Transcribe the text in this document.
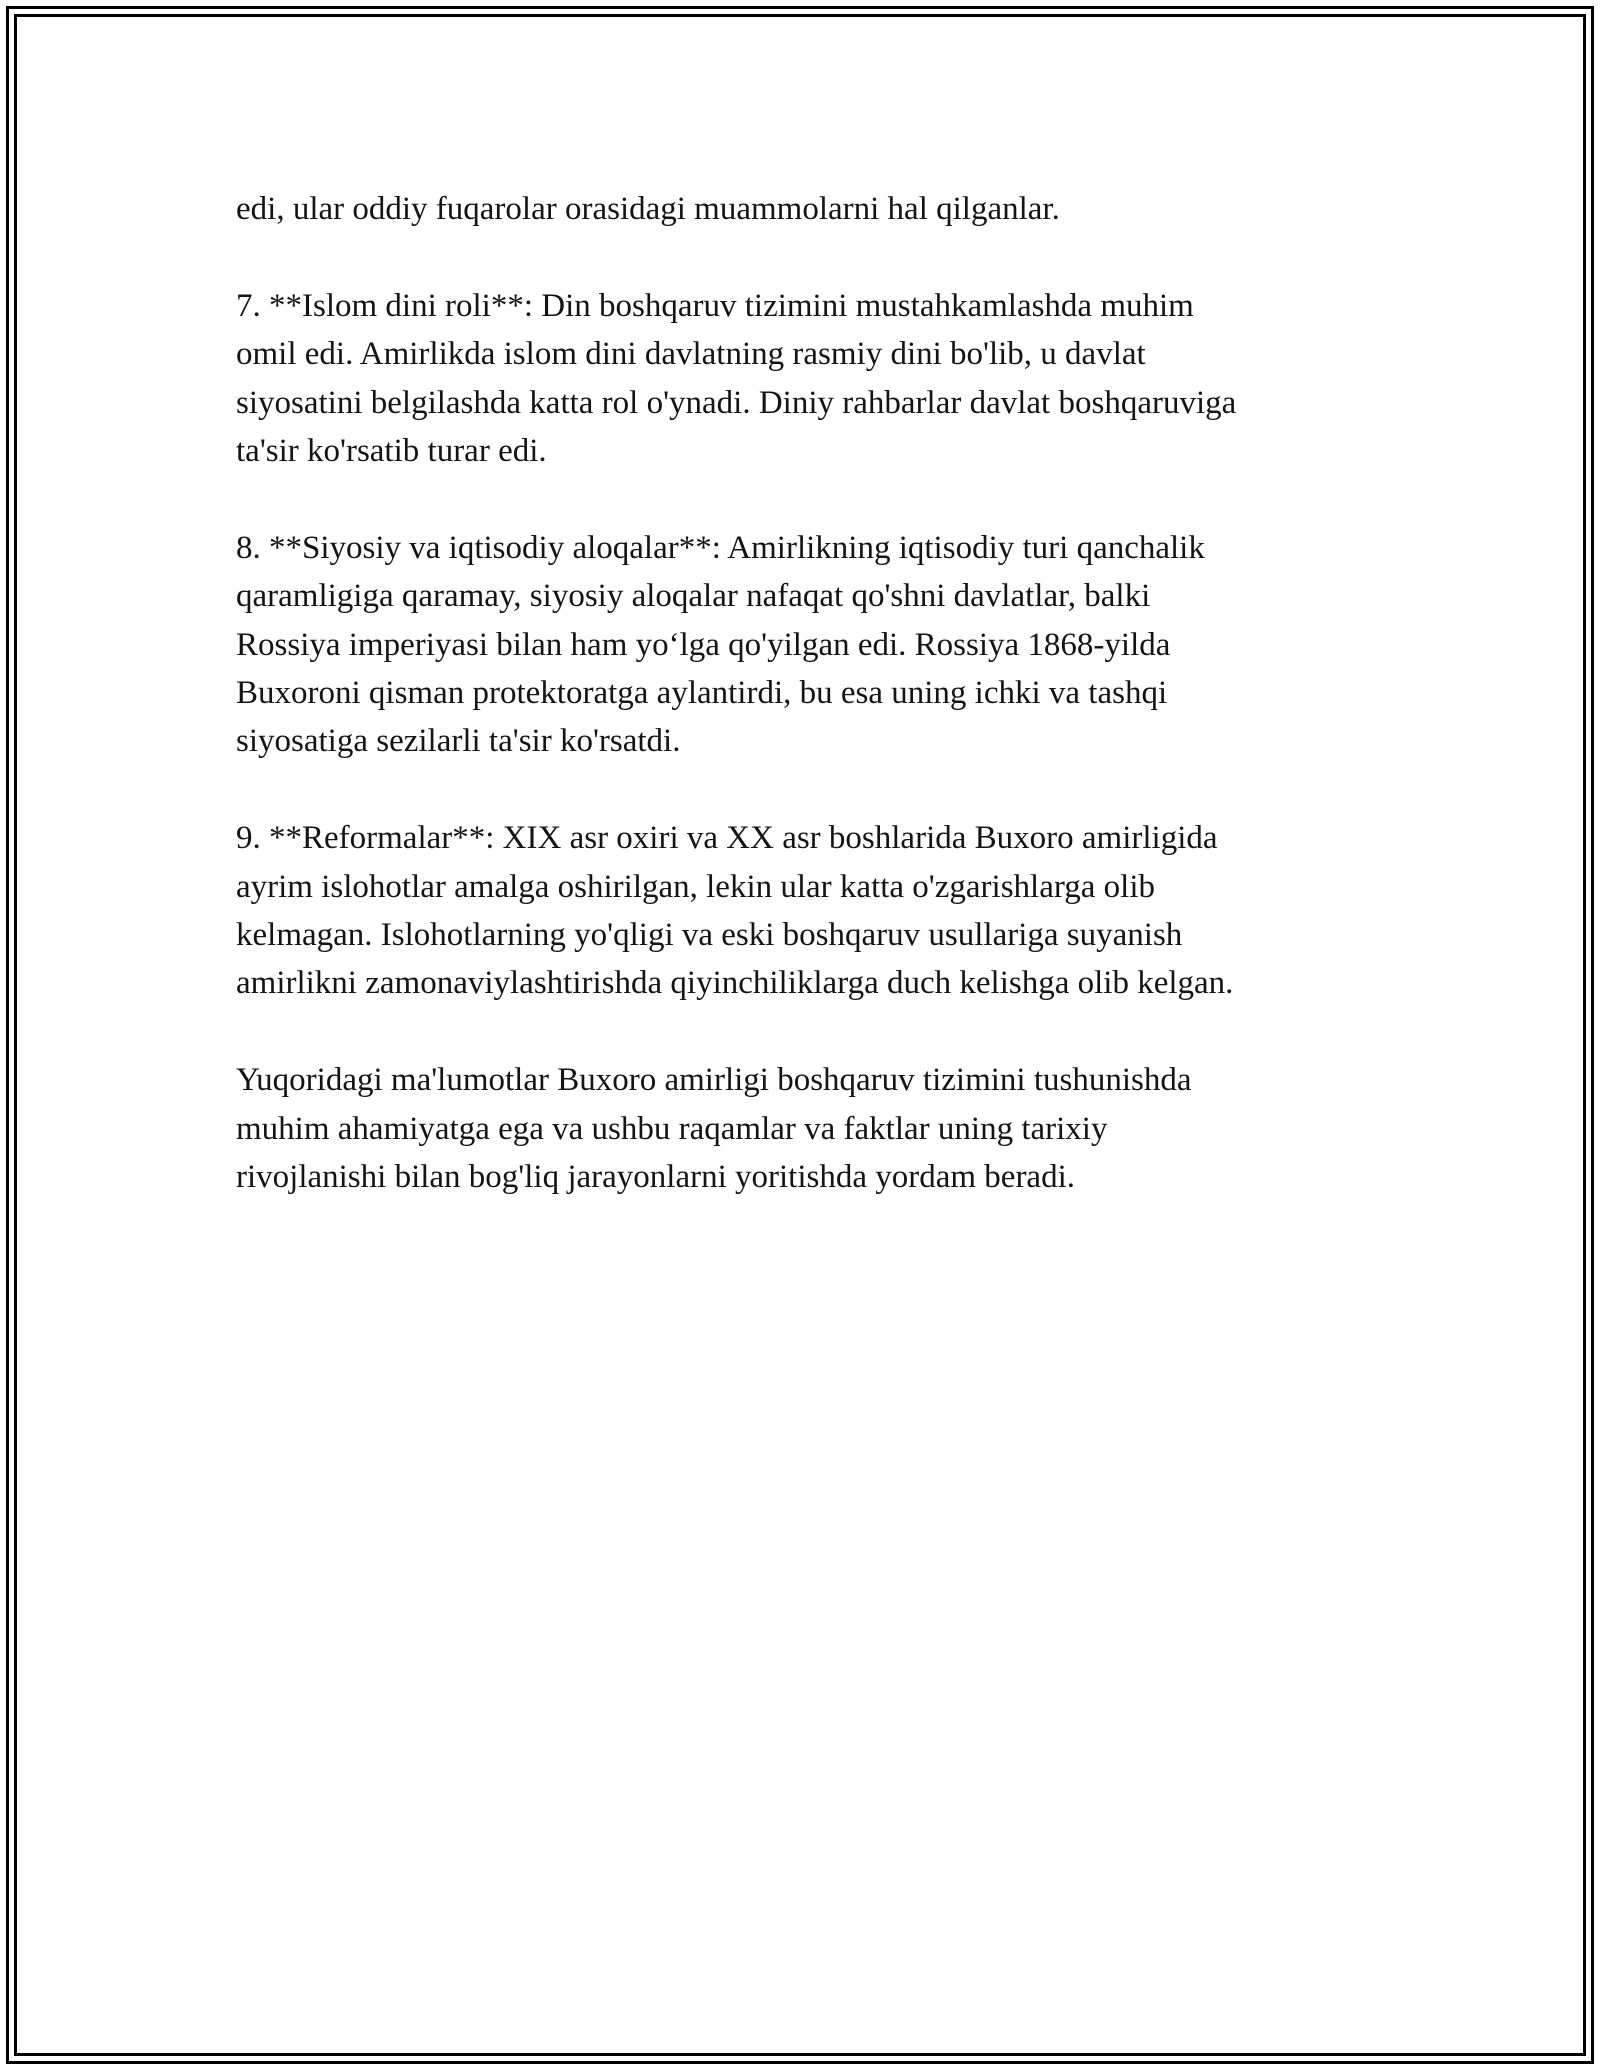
edi, ular oddiy fuqarolar orasidagi muammolarni hal qilganlar.

7. **Islom dini roli**: Din boshqaruv tizimini mustahkamlashda muhim
omil edi. Amirlikda islom dini davlatning rasmiy dini bo'lib, u davlat
siyosatini belgilashda katta rol o'ynadi. Diniy rahbarlar davlat boshqaruviga
ta'sir ko'rsatib turar edi.

8. **Siyosiy va iqtisodiy aloqalar**: Amirlikning iqtisodiy turi qanchalik
qaramligiga qaramay, siyosiy aloqalar nafaqat qo'shni davlatlar, balki
Rossiya imperiyasi bilan ham yo‘lga qo'yilgan edi. Rossiya 1868-yilda
Buxoroni qisman protektoratga aylantirdi, bu esa uning ichki va tashqi
siyosatiga sezilarli ta'sir ko'rsatdi.

9. **Reformalar**: XIX asr oxiri va XX asr boshlarida Buxoro amirligida
ayrim islohotlar amalga oshirilgan, lekin ular katta o'zgarishlarga olib
kelmagan. Islohotlarning yo'qligi va eski boshqaruv usullariga suyanish
amirlikni zamonaviylashtirishda qiyinchiliklarga duch kelishga olib kelgan.

Yuqoridagi ma'lumotlar Buxoro amirligi boshqaruv tizimini tushunishda
muhim ahamiyatga ega va ushbu raqamlar va faktlar uning tarixiy
rivojlanishi bilan bog'liq jarayonlarni yoritishda yordam beradi.
